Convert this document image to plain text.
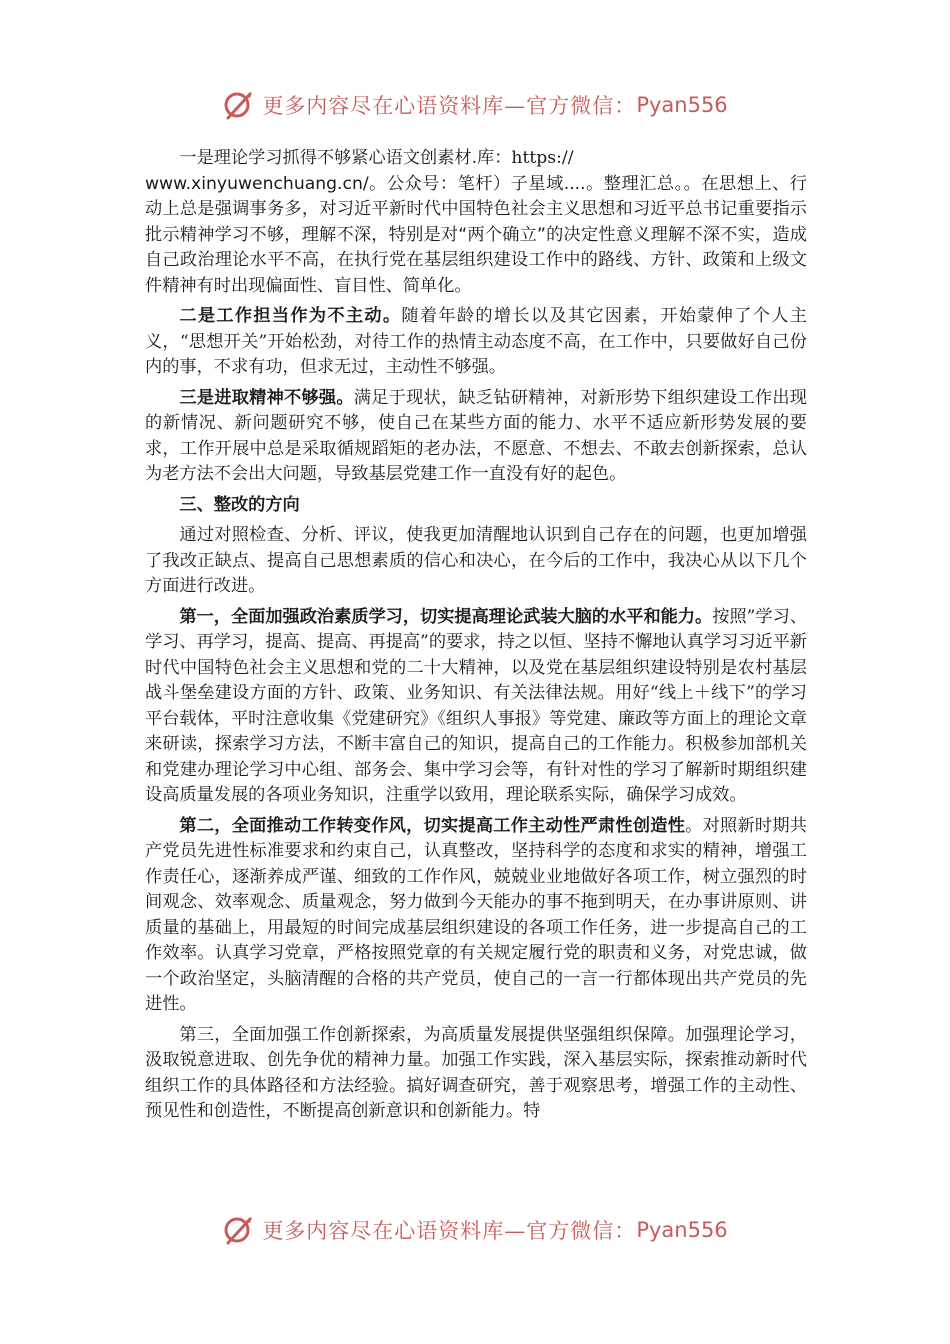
更多内容尽在心语资料库—官方微信： Pyan556

一是理论学习抓得不够紧心语文创素材.库：https://
www.xinyuwenchuang.cn/。公众号：笔杆）子星域....。整理汇总。。在思想上、行动上总是强调事务多，对习近平新时代中国特色社会主义思想和习近平总书记重要指示批示精神学习不够，理解不深，特别是对“两个确立”的决定性意义理解不深不实，造成自己政治理论水平不高，在执行党在基层组织建设工作中的路线、方针、政策和上级文件精神有时出现偏面性、盲目性、简单化。

二是工作担当作为不主动。随着年龄的增长以及其它因素，开始蒙伸了个人主义，“思想开关”开始松劲，对待工作的热情主动态度不高，在工作中，只要做好自己份内的事，不求有功，但求无过，主动性不够强。

三是进取精神不够强。满足于现状，缺乏钻研精神，对新形势下组织建设工作出现的新情况、新问题研究不够，使自己在某些方面的能力、水平不适应新形势发展的要求，工作开展中总是采取循规蹈矩的老办法，不愿意、不想去、不敢去创新探索，总认为老方法不会出大问题，导致基层党建工作一直没有好的起色。

三、整改的方向

通过对照检查、分析、评议，使我更加清醒地认识到自己存在的问题，也更加增强了我改正缺点、提高自己思想素质的信心和决心，在今后的工作中，我决心从以下几个方面进行改进。

第一，全面加强政治素质学习，切实提高理论武装大脑的水平和能力。按照”学习、学习、再学习，提高、提高、再提高”的要求，持之以恒、坚持不懈地认真学习习近平新时代中国特色社会主义思想和党的二十大精神，以及党在基层组织建设特别是农村基层战斗堡垒建设方面的方针、政策、业务知识、有关法律法规。用好“线上＋线下”的学习平台载体，平时注意收集《党建研究》《组织人事报》等党建、廉政等方面上的理论文章来研读，探索学习方法，不断丰富自己的知识，提高自己的工作能力。积极参加部机关和党建办理论学习中心组、部务会、集中学习会等，有针对性的学习了解新时期组织建设高质量发展的各项业务知识，注重学以致用，理论联系实际，确保学习成效。

第二，全面推动工作转变作风，切实提高工作主动性严肃性创造性。对照新时期共产党员先进性标准要求和约束自己，认真整改，坚持科学的态度和求实的精神，增强工作责任心，逐渐养成严谨、细致的工作作风，兢兢业业地做好各项工作，树立强烈的时间观念、效率观念、质量观念，努力做到今天能办的事不拖到明天，在办事讲原则、讲质量的基础上，用最短的时间完成基层组织建设的各项工作任务，进一步提高自己的工作效率。认真学习党章，严格按照党章的有关规定履行党的职责和义务，对党忠诚，做一个政治坚定，头脑清醒的合格的共产党员，使自己的一言一行都体现出共产党员的先进性。

第三，全面加强工作创新探索，为高质量发展提供坚强组织保障。加强理论学习，汲取锐意进取、创先争优的精神力量。加强工作实践，深入基层实际，探索推动新时代组织工作的具体路径和方法经验。搞好调查研究，善于观察思考，增强工作的主动性、预见性和创造性，不断提高创新意识和创新能力。特

更多内容尽在心语资料库—官方微信： Pyan556
